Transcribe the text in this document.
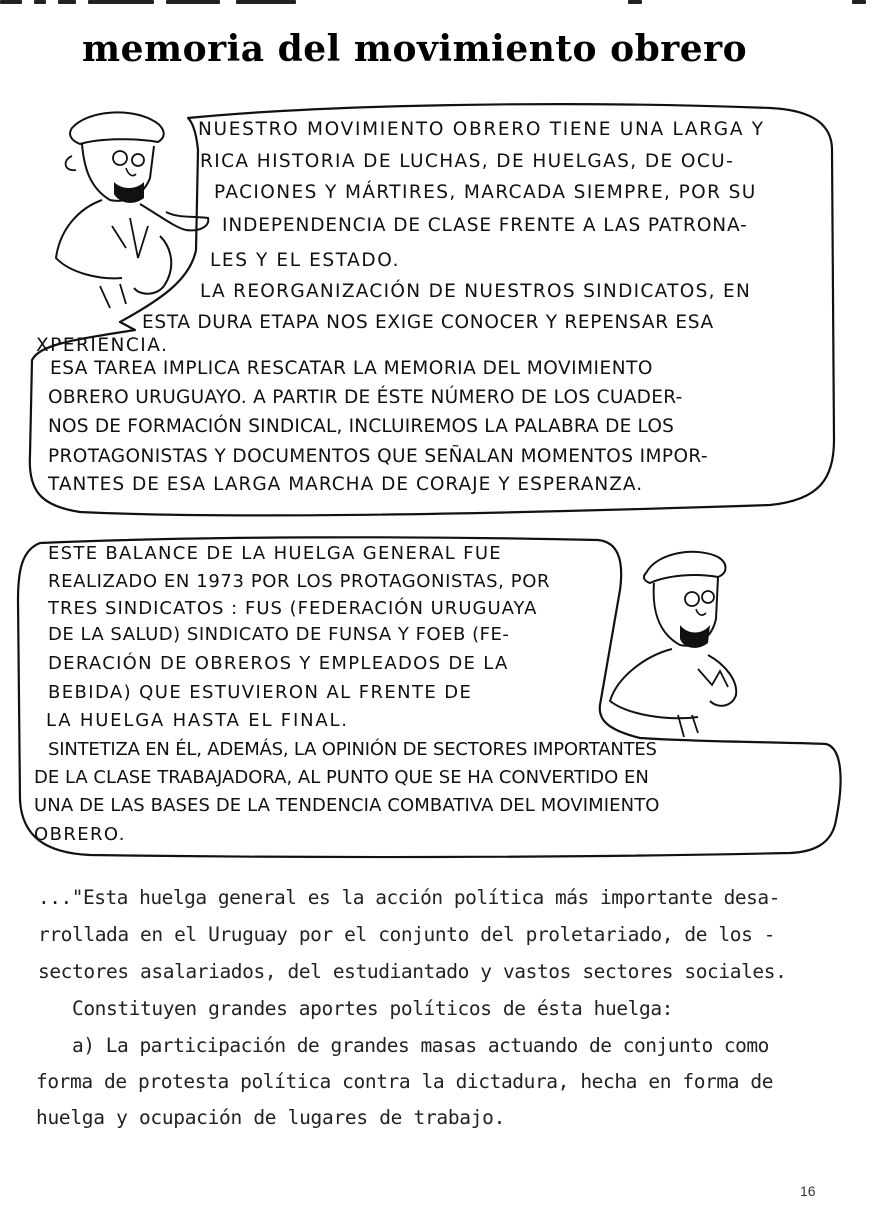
memoria del movimiento obrero
NUESTRO MOVIMIENTO OBRERO TIENE UNA LARGA Y
RICA HISTORIA DE LUCHAS, DE HUELGAS, DE OCU-
PACIONES Y MÁRTIRES, MARCADA SIEMPRE, POR SU
INDEPENDENCIA DE CLASE FRENTE A LAS PATRONA-
LES Y EL ESTADO.
LA REORGANIZACIÓN DE NUESTROS SINDICATOS, EN
ESTA DURA ETAPA NOS EXIGE CONOCER Y REPENSAR ESA
XPERIENCIA.
ESA TAREA IMPLICA RESCATAR LA MEMORIA DEL MOVIMIENTO
OBRERO URUGUAYO. A PARTIR DE ÉSTE NÚMERO DE LOS CUADER-
NOS DE FORMACIÓN SINDICAL, INCLUIREMOS LA PALABRA DE LOS
PROTAGONISTAS Y DOCUMENTOS QUE SEÑALAN MOMENTOS IMPOR-
TANTES DE ESA LARGA MARCHA DE CORAJE Y ESPERANZA.
ESTE BALANCE DE LA HUELGA GENERAL FUE
REALIZADO EN 1973 POR LOS PROTAGONISTAS, POR
TRES SINDICATOS : FUS (FEDERACIÓN URUGUAYA
DE LA SALUD) SINDICATO DE FUNSA Y FOEB (FE-
DERACIÓN DE OBREROS Y EMPLEADOS DE LA
BEBIDA) QUE ESTUVIERON AL FRENTE DE
LA HUELGA HASTA EL FINAL.
SINTETIZA EN ÉL, ADEMÁS, LA OPINIÓN DE SECTORES IMPORTANTES
DE LA CLASE TRABAJADORA, AL PUNTO QUE SE HA CONVERTIDO EN
UNA DE LAS BASES DE LA TENDENCIA COMBATIVA DEL MOVIMIENTO
OBRERO.
..."Esta huelga general es la acción política más importante desa-
rrollada en el Uruguay por el conjunto del proletariado, de los -
sectores asalariados, del estudiantado y vastos sectores sociales.
Constituyen grandes aportes políticos de ésta huelga:
a) La participación de grandes masas actuando de conjunto como
forma de protesta política contra la dictadura, hecha en forma de
huelga y ocupación de lugares de trabajo.
16
